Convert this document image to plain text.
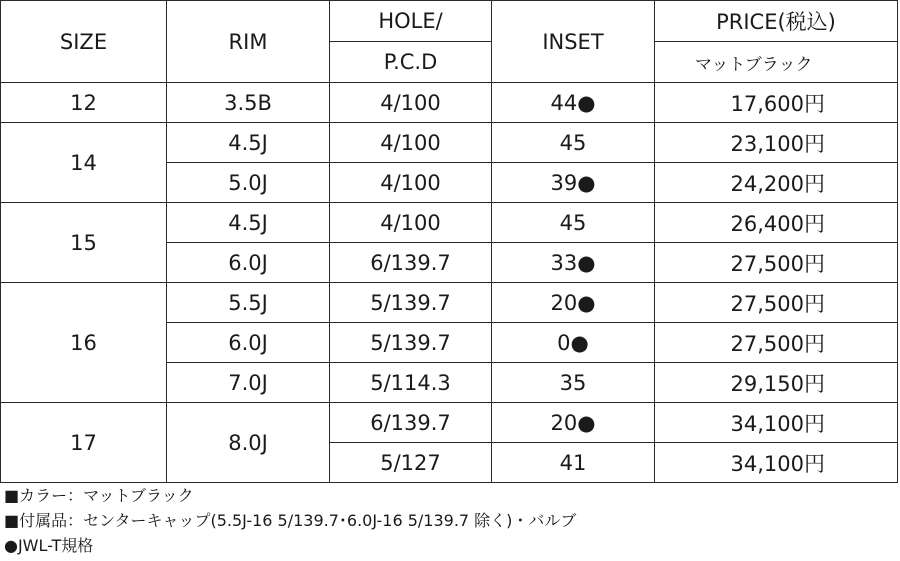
SIZE	RIM	HOLE/	INSET	PRICE(税込)
		P.C.D		マットブラック
12	3.5B	4/100	44●	17,600円
14	4.5J	4/100	45	23,100円
	5.0J	4/100	39●	24,200円
15	4.5J	4/100	45	26,400円
	6.0J	6/139.7	33●	27,500円
16	5.5J	5/139.7	20●	27,500円
	6.0J	5/139.7	0●	27,500円
	7.0J	5/114.3	35	29,150円
17	8.0J	6/139.7	20●	34,100円
		5/127	41	34,100円
■カラー：マットブラック
■付属品：センターキャップ(5.5J-16 5/139.7･6.0J-16 5/139.7 除く)・バルブ
●JWL-T規格
